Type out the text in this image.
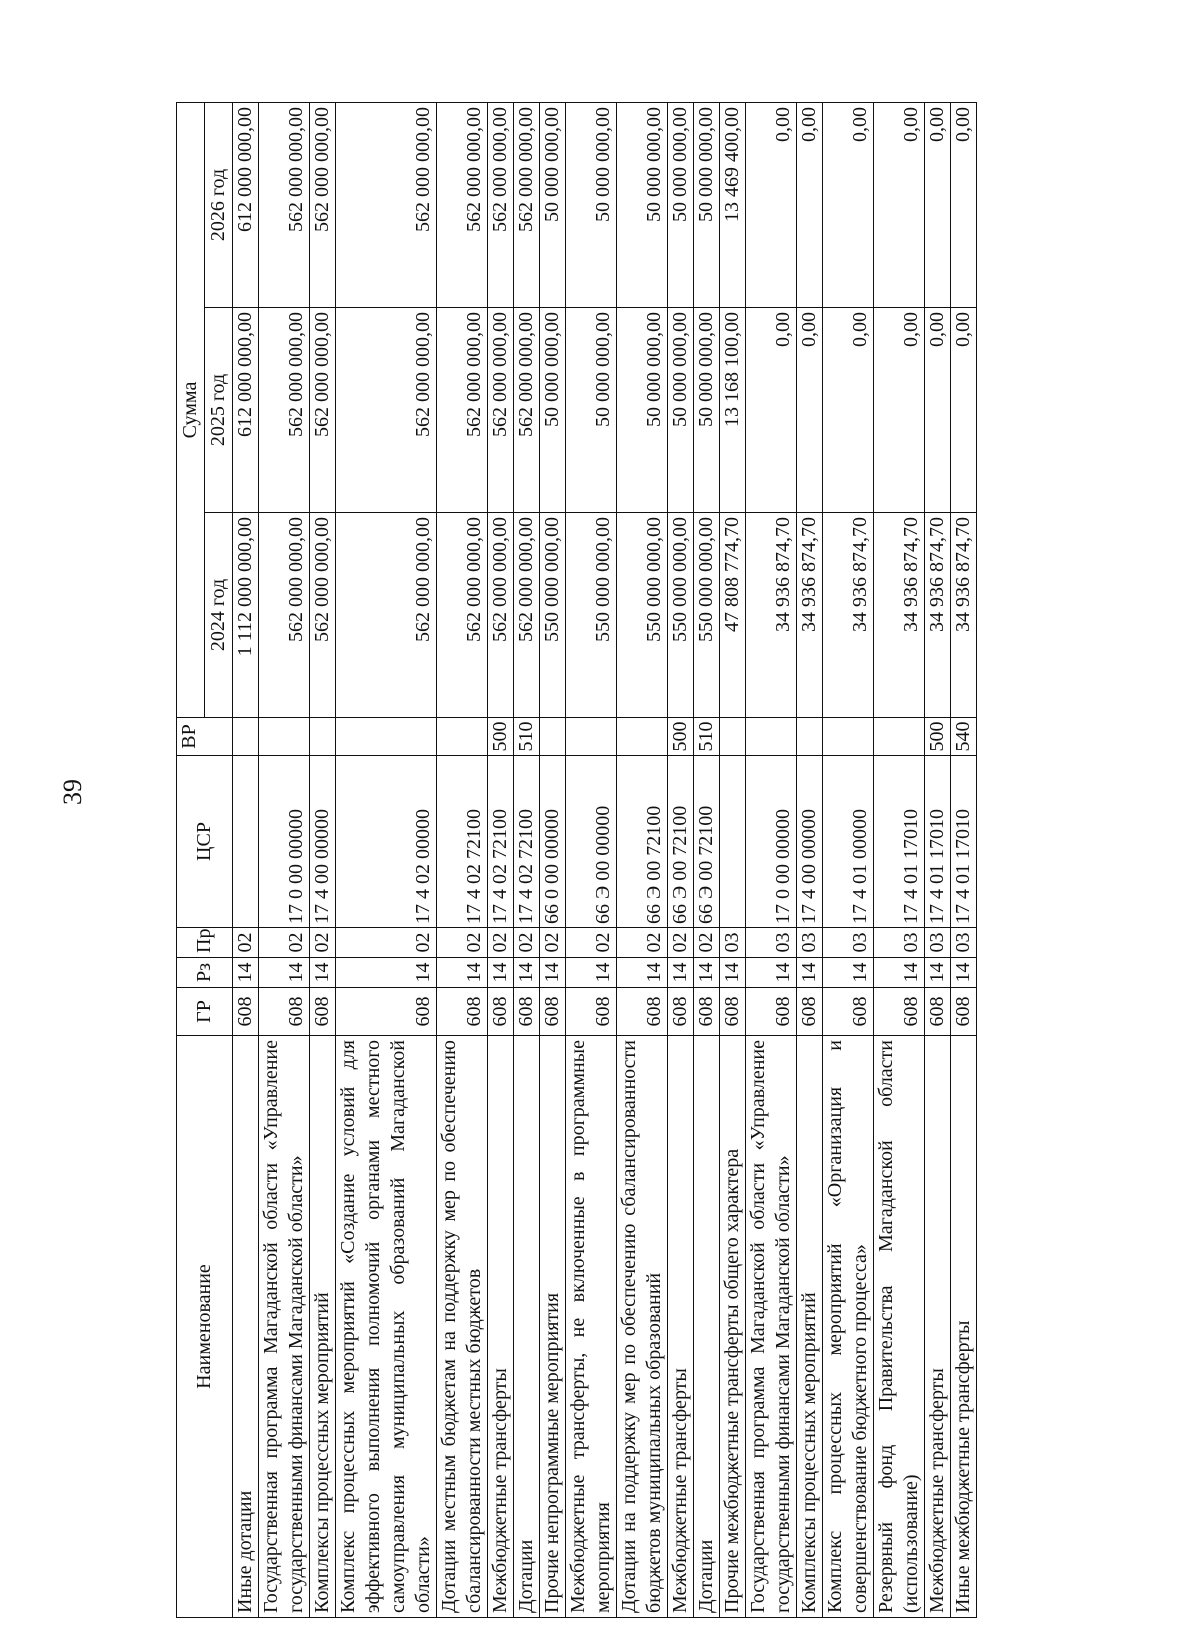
39
Наименование	ГР	Рз	Пр	ЦСР	ВР	Сумма		
						2024 год	2025 год	2026 год
Иные дотации	608	14	02			1 112 000 000,00	612 000 000,00	612 000 000,00
Государственная программа Магаданской области «Управление государственными финансами Магаданской области»	608	14	02	17 0 00 00000		562 000 000,00	562 000 000,00	562 000 000,00
Комплексы процессных мероприятий	608	14	02	17 4 00 00000		562 000 000,00	562 000 000,00	562 000 000,00
Комплекс процессных мероприятий «Создание условий для эффективного выполнения полномочий органами местного самоуправления муниципальных образований Магаданской области»	608	14	02	17 4 02 00000		562 000 000,00	562 000 000,00	562 000 000,00
Дотации местным бюджетам на поддержку мер по обеспечению сбалансированности местных бюджетов	608	14	02	17 4 02 72100		562 000 000,00	562 000 000,00	562 000 000,00
Межбюджетные трансферты	608	14	02	17 4 02 72100	500	562 000 000,00	562 000 000,00	562 000 000,00
Дотации	608	14	02	17 4 02 72100	510	562 000 000,00	562 000 000,00	562 000 000,00
Прочие непрограммные мероприятия	608	14	02	66 0 00 00000		550 000 000,00	50 000 000,00	50 000 000,00
Межбюджетные трансферты, не включенные в программные мероприятия	608	14	02	66 Э 00 00000		550 000 000,00	50 000 000,00	50 000 000,00
Дотации на поддержку мер по обеспечению сбалансированности бюджетов муниципальных образований	608	14	02	66 Э 00 72100		550 000 000,00	50 000 000,00	50 000 000,00
Межбюджетные трансферты	608	14	02	66 Э 00 72100	500	550 000 000,00	50 000 000,00	50 000 000,00
Дотации	608	14	02	66 Э 00 72100	510	550 000 000,00	50 000 000,00	50 000 000,00
Прочие межбюджетные трансферты общего характера	608	14	03			47 808 774,70	13 168 100,00	13 469 400,00
Государственная программа Магаданской области «Управление государственными финансами Магаданской области»	608	14	03	17 0 00 00000		34 936 874,70	0,00	0,00
Комплексы процессных мероприятий	608	14	03	17 4 00 00000		34 936 874,70	0,00	0,00
Комплекс процессных мероприятий «Организация и совершенствование бюджетного процесса»	608	14	03	17 4 01 00000		34 936 874,70	0,00	0,00
Резервный фонд Правительства Магаданской области (использование)	608	14	03	17 4 01 17010		34 936 874,70	0,00	0,00
Межбюджетные трансферты	608	14	03	17 4 01 17010	500	34 936 874,70	0,00	0,00
Иные межбюджетные трансферты	608	14	03	17 4 01 17010	540	34 936 874,70	0,00	0,00
